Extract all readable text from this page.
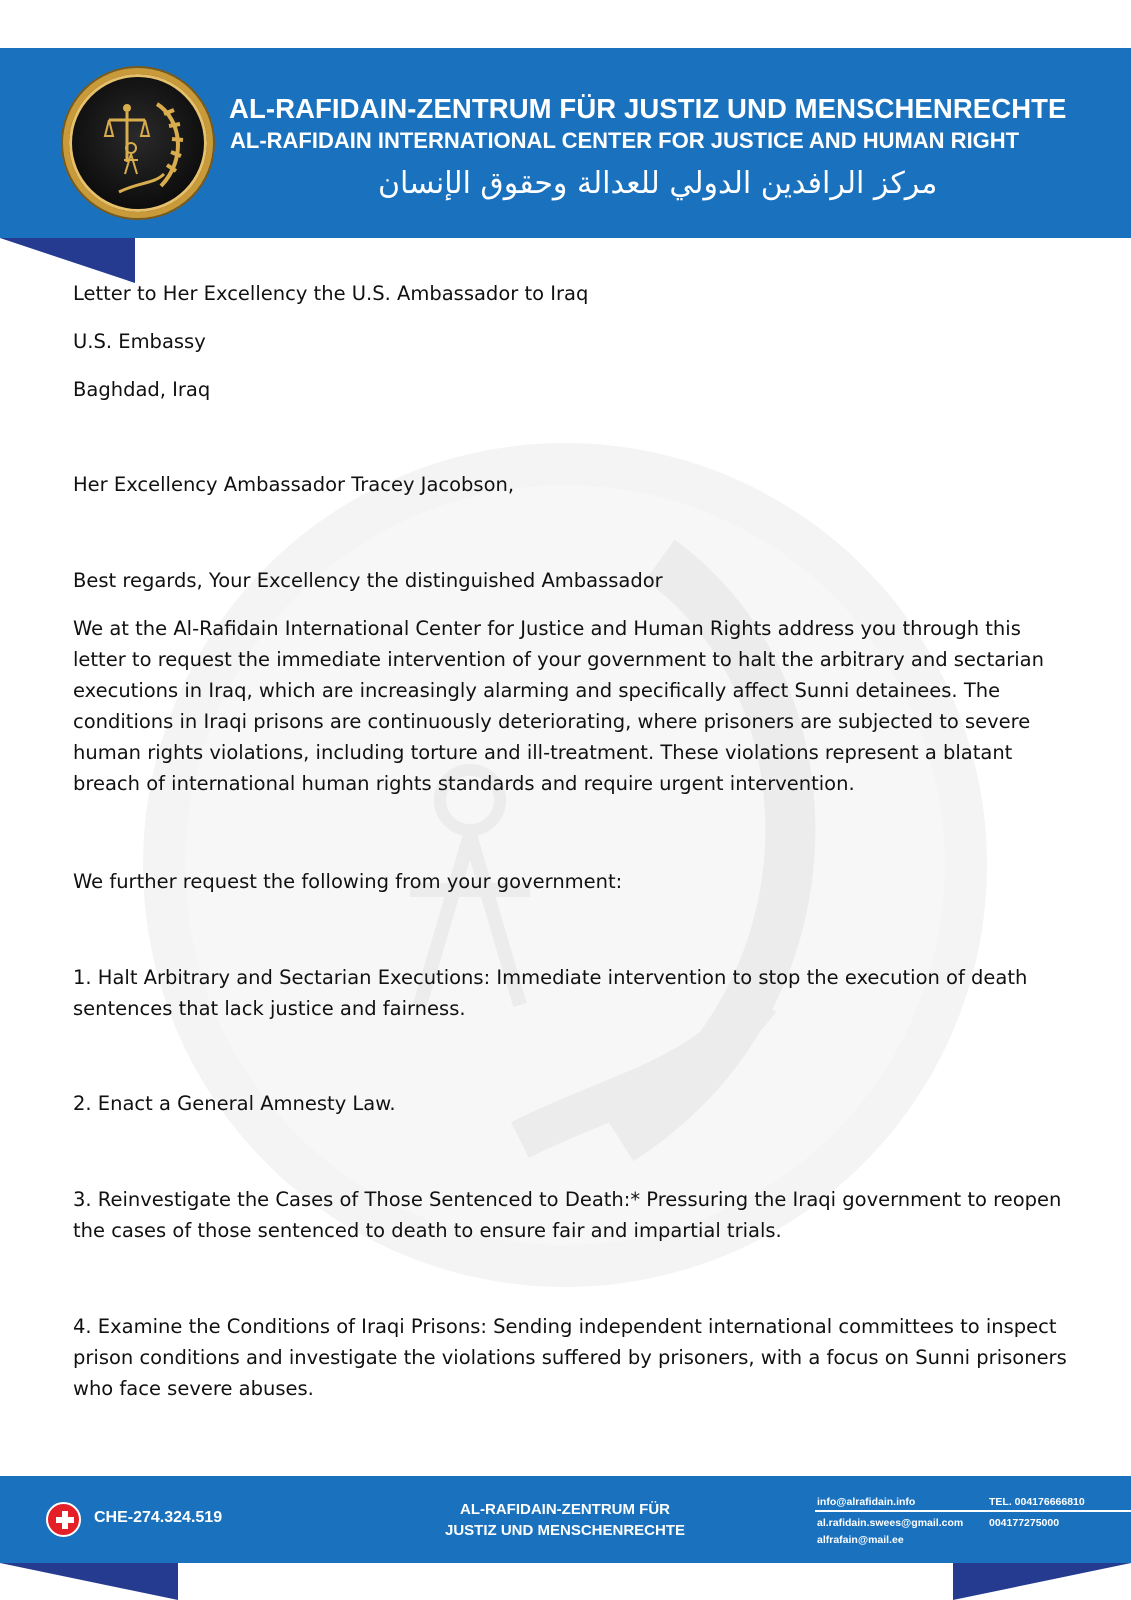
AL-RAFIDAIN-ZENTRUM FÜR JUSTIZ UND MENSCHENRECHTE
AL-RAFIDAIN INTERNATIONAL CENTER FOR JUSTICE AND HUMAN RIGHT
مركز الرافدين الدولي للعدالة وحقوق الإنسان

Letter to Her Excellency the U.S. Ambassador to Iraq

U.S. Embassy

Baghdad, Iraq

Her Excellency Ambassador Tracey Jacobson,

Best regards, Your Excellency the distinguished Ambassador

We at the Al-Rafidain International Center for Justice and Human Rights address you through this letter to request the immediate intervention of your government to halt the arbitrary and sectarian executions in Iraq, which are increasingly alarming and specifically affect Sunni detainees. The conditions in Iraqi prisons are continuously deteriorating, where prisoners are subjected to severe human rights violations, including torture and ill-treatment. These violations represent a blatant breach of international human rights standards and require urgent intervention.

We further request the following from your government:

1. Halt Arbitrary and Sectarian Executions: Immediate intervention to stop the execution of death sentences that lack justice and fairness.

2. Enact a General Amnesty Law.

3. Reinvestigate the Cases of Those Sentenced to Death:* Pressuring the Iraqi government to reopen the cases of those sentenced to death to ensure fair and impartial trials.

4. Examine the Conditions of Iraqi Prisons: Sending independent international committees to inspect prison conditions and investigate the violations suffered by prisoners, with a focus on Sunni prisoners who face severe abuses.

CHE-274.324.519	AL-RAFIDAIN-ZENTRUM FÜR
JUSTIZ UND MENSCHENRECHTE
info@alrafidain.info	TEL. 004176666810
al.rafidain.swees@gmail.com 004177275000
alfrafain@mail.ee
